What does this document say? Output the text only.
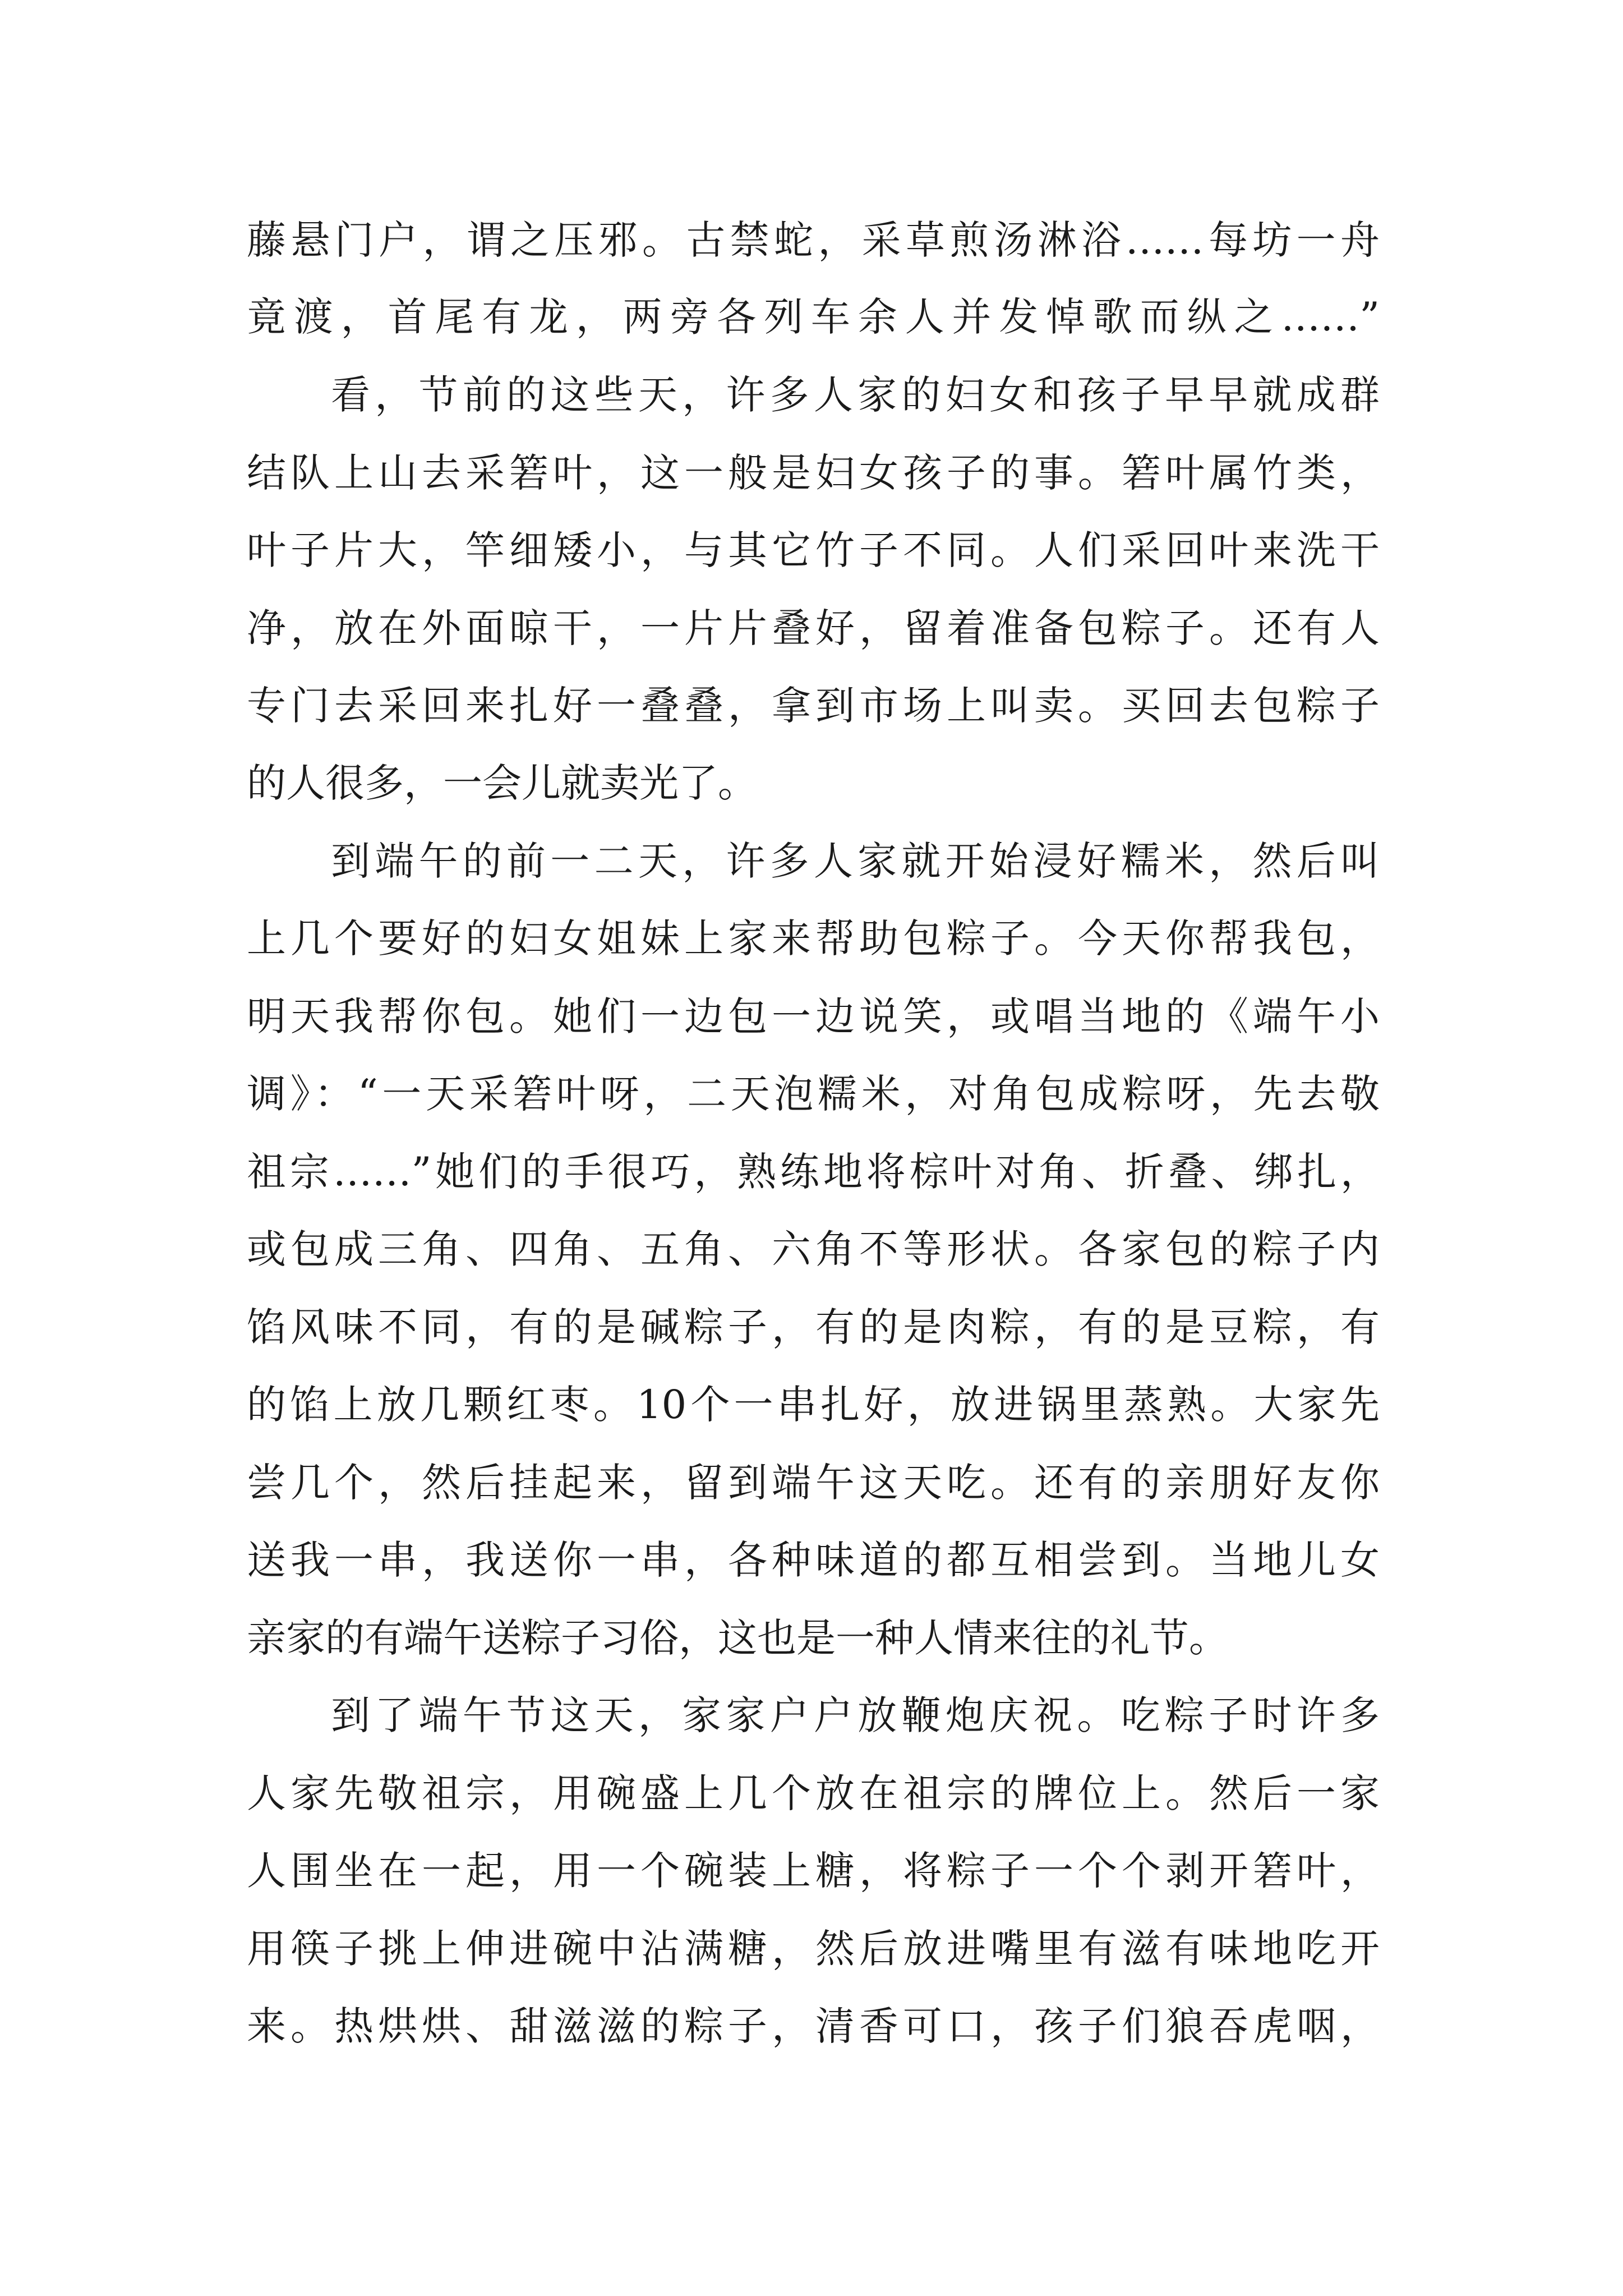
藤悬门户，谓之压邪。古禁蛇，采草煎汤淋浴……每坊一舟
竟渡，首尾有龙，两旁各列车余人并发悼歌而纵之……”
看，节前的这些天，许多人家的妇女和孩子早早就成群
结队上山去采箬叶，这一般是妇女孩子的事。箬叶属竹类，
叶子片大，竿细矮小，与其它竹子不同。人们采回叶来洗干
净，放在外面晾干，一片片叠好，留着准备包粽子。还有人
专门去采回来扎好一叠叠，拿到市场上叫卖。买回去包粽子
的人很多，一会儿就卖光了。
到端午的前一二天，许多人家就开始浸好糯米，然后叫
上几个要好的妇女姐妹上家来帮助包粽子。今天你帮我包，
明天我帮你包。她们一边包一边说笑，或唱当地的《端午小
调》：“一天采箬叶呀，二天泡糯米，对角包成粽呀，先去敬
祖宗……”她们的手很巧，熟练地将棕叶对角、折叠、绑扎，
或包成三角、四角、五角、六角不等形状。各家包的粽子内
馅风味不同，有的是碱粽子，有的是肉粽，有的是豆粽，有
的馅上放几颗红枣。10个一串扎好，放进锅里蒸熟。大家先
尝几个，然后挂起来，留到端午这天吃。还有的亲朋好友你
送我一串，我送你一串，各种味道的都互相尝到。当地儿女
亲家的有端午送粽子习俗，这也是一种人情来往的礼节。
到了端午节这天，家家户户放鞭炮庆祝。吃粽子时许多
人家先敬祖宗，用碗盛上几个放在祖宗的牌位上。然后一家
人围坐在一起，用一个碗装上糖，将粽子一个个剥开箬叶，
用筷子挑上伸进碗中沾满糖，然后放进嘴里有滋有味地吃开
来。热烘烘、甜滋滋的粽子，清香可口，孩子们狼吞虎咽，
